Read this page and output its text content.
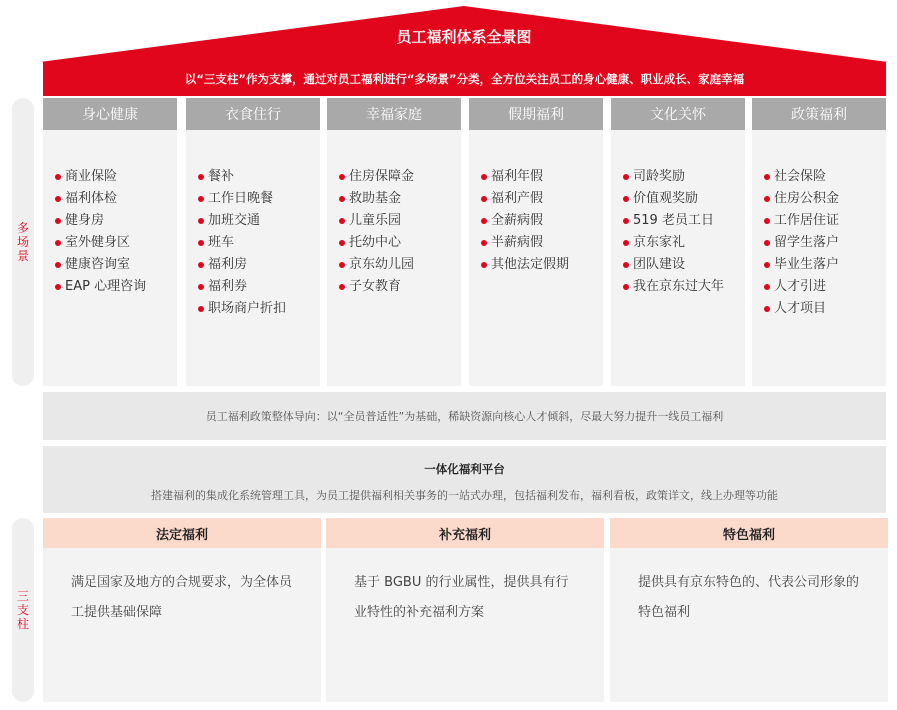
员工福利体系全景图
以“三支柱”作为支撑，通过对员工福利进行“多场景”分类，全方位关注员工的身心健康、职业成长、家庭幸福
多场景
三支柱
身心健康
商业保险
福利体检
健身房
室外健身区
健康咨询室
EAP 心理咨询
衣食住行
餐补
工作日晚餐
加班交通
班车
福利房
福利券
职场商户折扣
幸福家庭
住房保障金
救助基金
儿童乐园
托幼中心
京东幼儿园
子女教育
假期福利
福利年假
福利产假
全薪病假
半薪病假
其他法定假期
文化关怀
司龄奖励
价值观奖励
519 老员工日
京东家礼
团队建设
我在京东过大年
政策福利
社会保险
住房公积金
工作居住证
留学生落户
毕业生落户
人才引进
人才项目
员工福利政策整体导向：以“全员普适性”为基础，稀缺资源向核心人才倾斜，尽最大努力提升一线员工福利
一体化福利平台
搭建福利的集成化系统管理工具，为员工提供福利相关事务的一站式办理，包括福利发布，福利看板，政策详文，线上办理等功能
法定福利
满足国家及地方的合规要求，为全体员工提供基础保障
补充福利
基于 BGBU 的行业属性，提供具有行业特性的补充福利方案
特色福利
提供具有京东特色的、代表公司形象的特色福利
